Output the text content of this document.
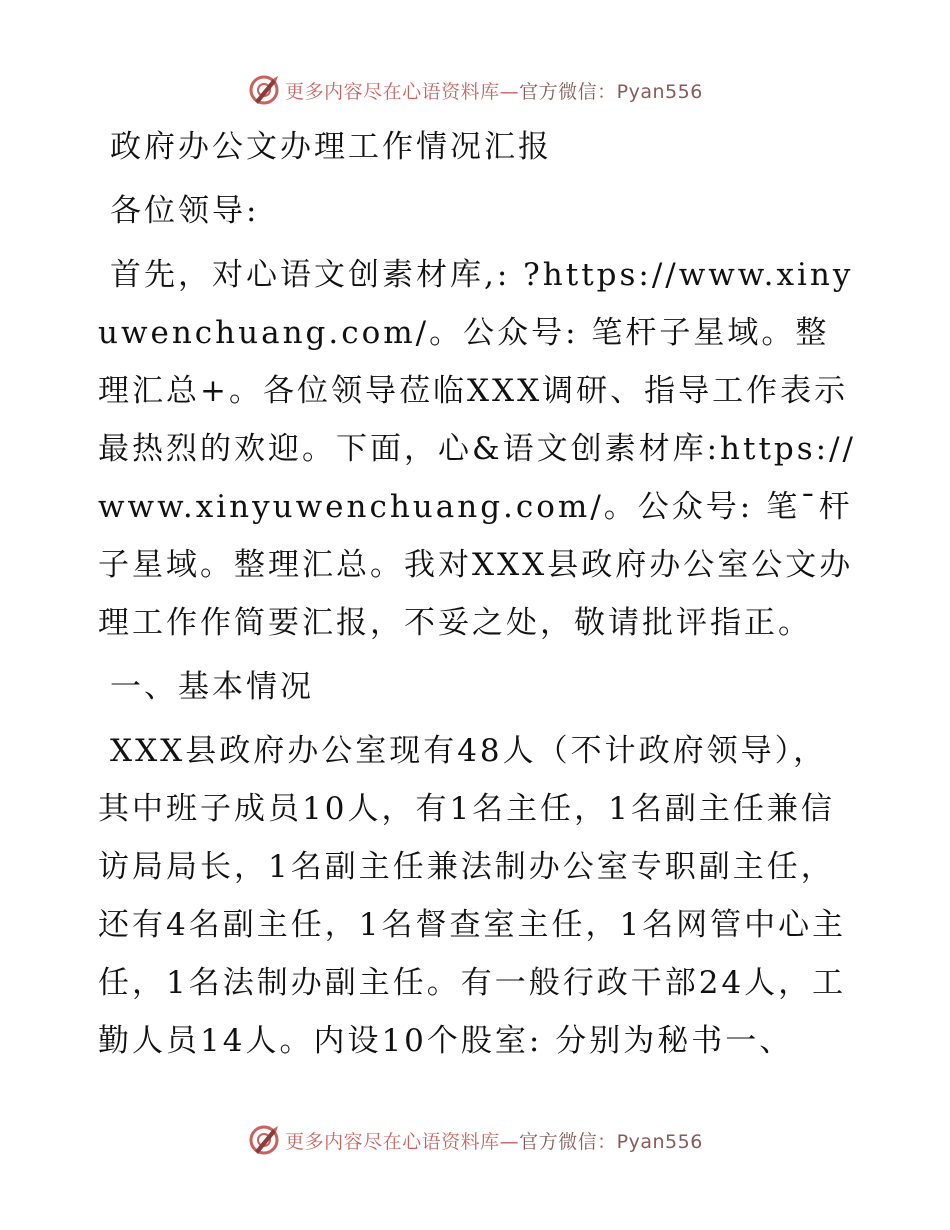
更多内容尽在心语资料库—官方微信：Pyan556

政府办公文办理工作情况汇报

各位领导:

首先，对心语文创素材库,: ?https://www.xinyuwenchuang.com/。公众号: 笔杆子星域。整理汇总+。各位领导莅临XXX调研、指导工作表示最热烈的欢迎。下面，心&语文创素材库:https://www.xinyuwenchuang.com/。公众号: 笔¯杆子星域。整理汇总。我对XXX县政府办公室公文办理工作作简要汇报，不妥之处，敬请批评指正。

一、基本情况

XXX县政府办公室现有48人（不计政府领导），其中班子成员10人，有1名主任，1名副主任兼信访局局长，1名副主任兼法制办公室专职副主任，还有4名副主任，1名督查室主任，1名网管中心主任，1名法制办副主任。有一般行政干部24人，工勤人员14人。内设10个股室: 分别为秘书一、

更多内容尽在心语资料库—官方微信：Pyan556
